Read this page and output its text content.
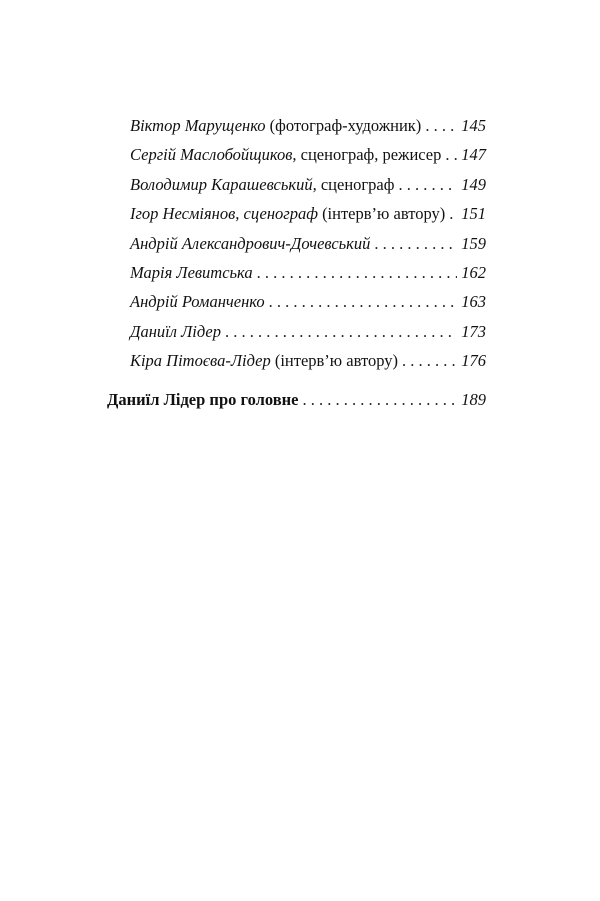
Віктор Марущенко (фотограф-художник) . . . 145
Сергій Маслобойщиков, сценограф, режисер . . . 147
Володимир Карашевський, сценограф . . .	149
Ігор Несміянов, сценограф (інтерв’ю автору) . . . 151
Андрій Александрович-Дочевський . . .	159
Марія Левитська . . .	162
Андрій Романченко . . .	163
Даниїл Лідер . . .	173
Кіра Пітоєва-Лідер (інтерв’ю автору) . . .	176
Даниїл Лідер про головне . . .	189
